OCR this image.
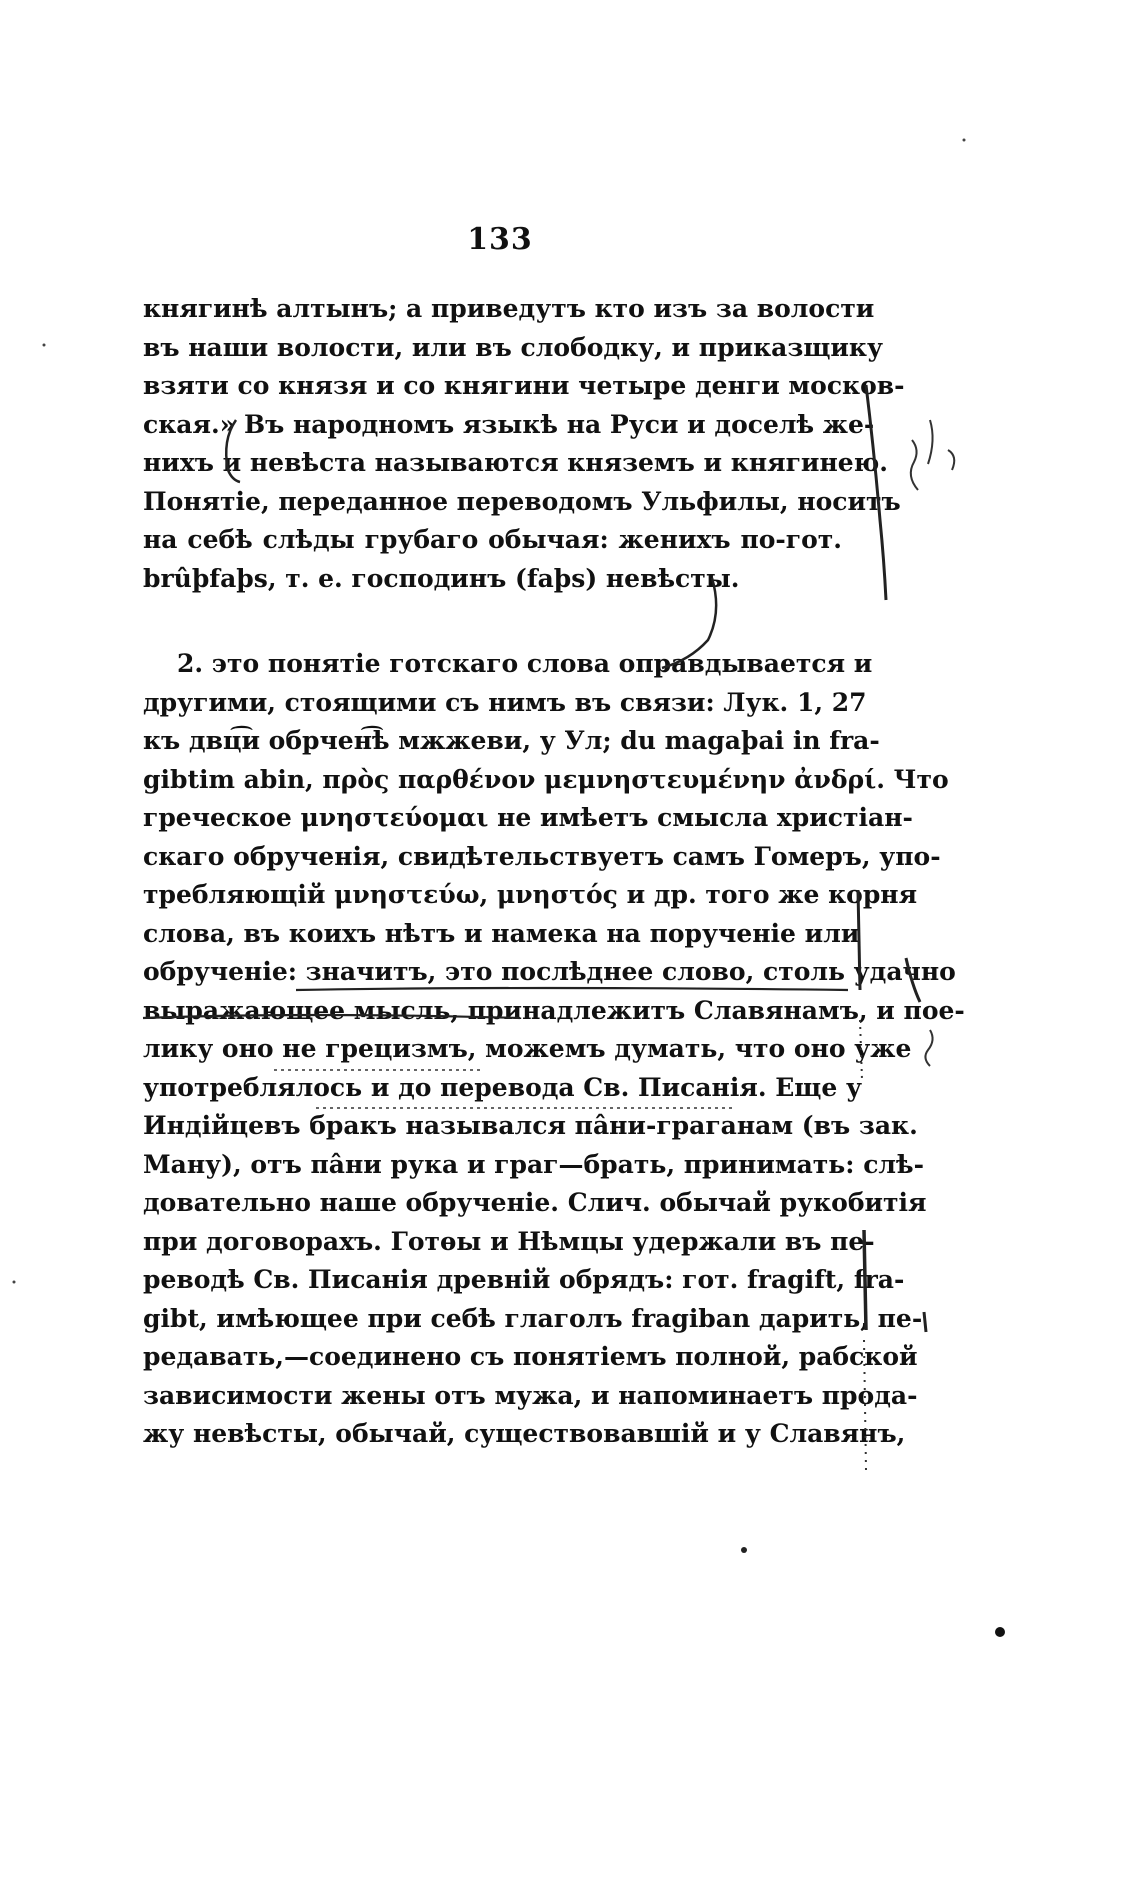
133
княгинѣ алтынъ; а приведутъ кто изъ за волости
въ наши волости, или въ слободку, и приказщику
взяти со князя и со княгини четыре денги москов-
ская.» Въ народномъ языкѣ на Руси и доселѣ же-
нихъ и невѣста называются княземъ и княгинею.
Понятіе, переданное переводомъ Ульфилы, носитъ
на себѣ слѣды грубаго обычая: женихъ по-гот.
brûþfaþs, т. е. господинъ (faþs) невѣсты.
2. это понятіе готскаго слова оправдывается и
другими, стоящими съ нимъ въ связи: Лук. 1, 27
къ двц͡и обрчен͡ѣ мжжеви, у Ул; du magaþai in fra-
gibtim abin, πρὸς παρθένον μεμνηστευμένην ἀνδρί. Что
греческое μνηστεύομαι не имѣетъ смысла христіан-
скаго обрученія, свидѣтельствуетъ самъ Гомеръ, упо-
требляющій μνηστεύω, μνηστός и др. того же корня
слова, въ коихъ нѣтъ и намека на порученіе или
обрученіе: значитъ, это послѣднее слово, столь удачно
выражающее мысль, принадлежитъ Славянамъ, и пое-
лику оно не грецизмъ, можемъ думать, что оно уже
употреблялось и до перевода Св. Писанія. Еще у
Индійцевъ бракъ назывался пâни-граганам (въ зак.
Ману), отъ пâни рука и граг—брать, принимать: слѣ-
довательно наше обрученіе. Слич. обычай рукобитія
при договорахъ. Готѳы и Нѣмцы удержали въ пе-
реводѣ Св. Писанія древній обрядъ: гот. fragift, fra-
gibt, имѣющее при себѣ глаголъ fragiban дарить, пе-
редавать,—соединено съ понятіемъ полной, рабской
зависимости жены отъ мужа, и напоминаетъ прода-
жу невѣсты, обычай, существовавшій и у Славянъ,
